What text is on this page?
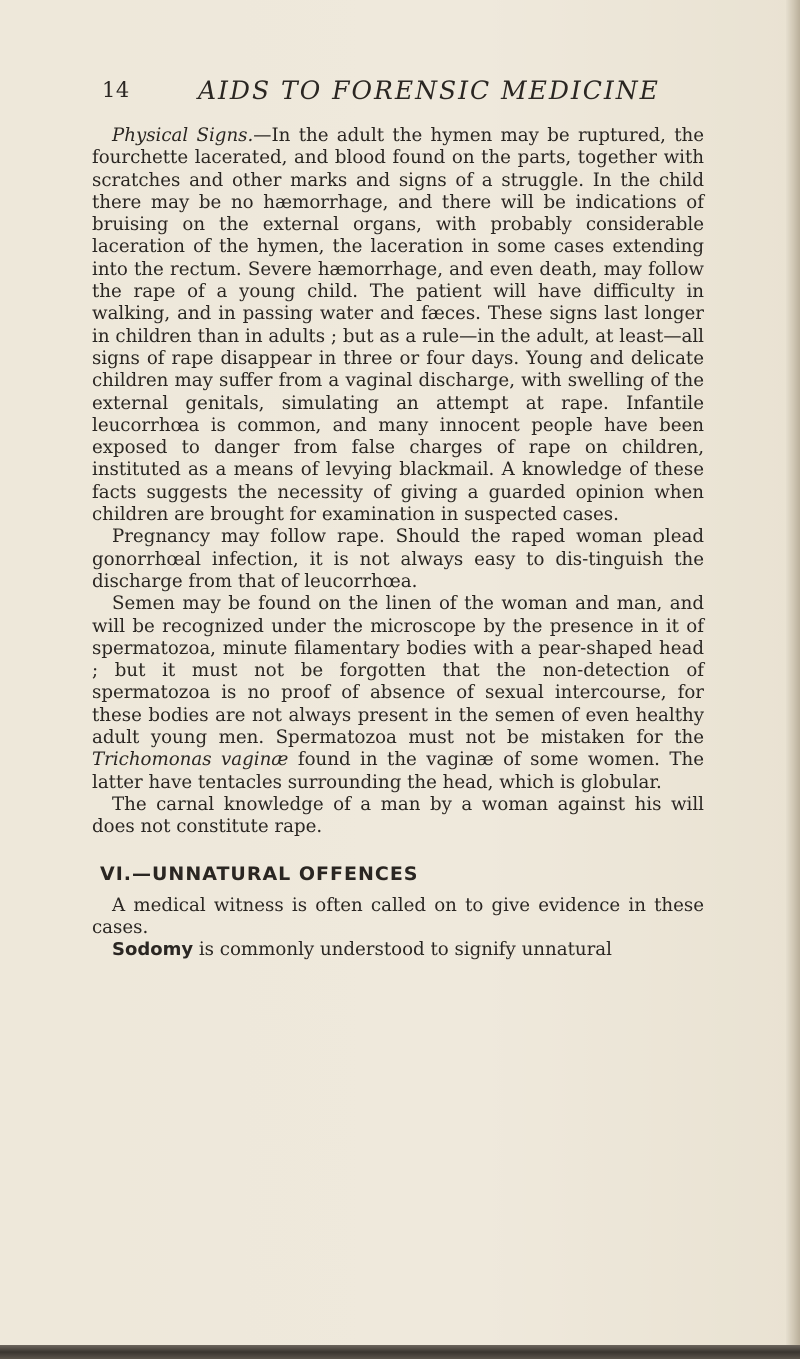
14	AIDS TO FORENSIC MEDICINE

Physical Signs.—In the adult the hymen may be ruptured, the fourchette lacerated, and blood found on the parts, together with scratches and other marks and signs of a struggle. In the child there may be no hæmorrhage, and there will be indications of bruising on the external organs, with probably considerable laceration of the hymen, the laceration in some cases extending into the rectum. Severe hæmorrhage, and even death, may follow the rape of a young child. The patient will have difficulty in walking, and in passing water and fæces. These signs last longer in children than in adults ; but as a rule—in the adult, at least—all signs of rape disappear in three or four days. Young and delicate children may suffer from a vaginal discharge, with swelling of the external genitals, simulating an attempt at rape. Infantile leucorrhœa is common, and many innocent people have been exposed to danger from false charges of rape on children, instituted as a means of levying blackmail. A knowledge of these facts suggests the necessity of giving a guarded opinion when children are brought for examination in suspected cases.

Pregnancy may follow rape. Should the raped woman plead gonorrhœal infection, it is not always easy to dis-tinguish the discharge from that of leucorrhœa.

Semen may be found on the linen of the woman and man, and will be recognized under the microscope by the presence in it of spermatozoa, minute filamentary bodies with a pear-shaped head ; but it must not be forgotten that the non-detection of spermatozoa is no proof of absence of sexual intercourse, for these bodies are not always present in the semen of even healthy adult young men. Spermatozoa must not be mistaken for the Trichomonas vaginæ found in the vaginæ of some women. The latter have tentacles surrounding the head, which is globular.

The carnal knowledge of a man by a woman against his will does not constitute rape.

VI.—UNNATURAL OFFENCES

A medical witness is often called on to give evidence in these cases.

Sodomy is commonly understood to signify unnatural
